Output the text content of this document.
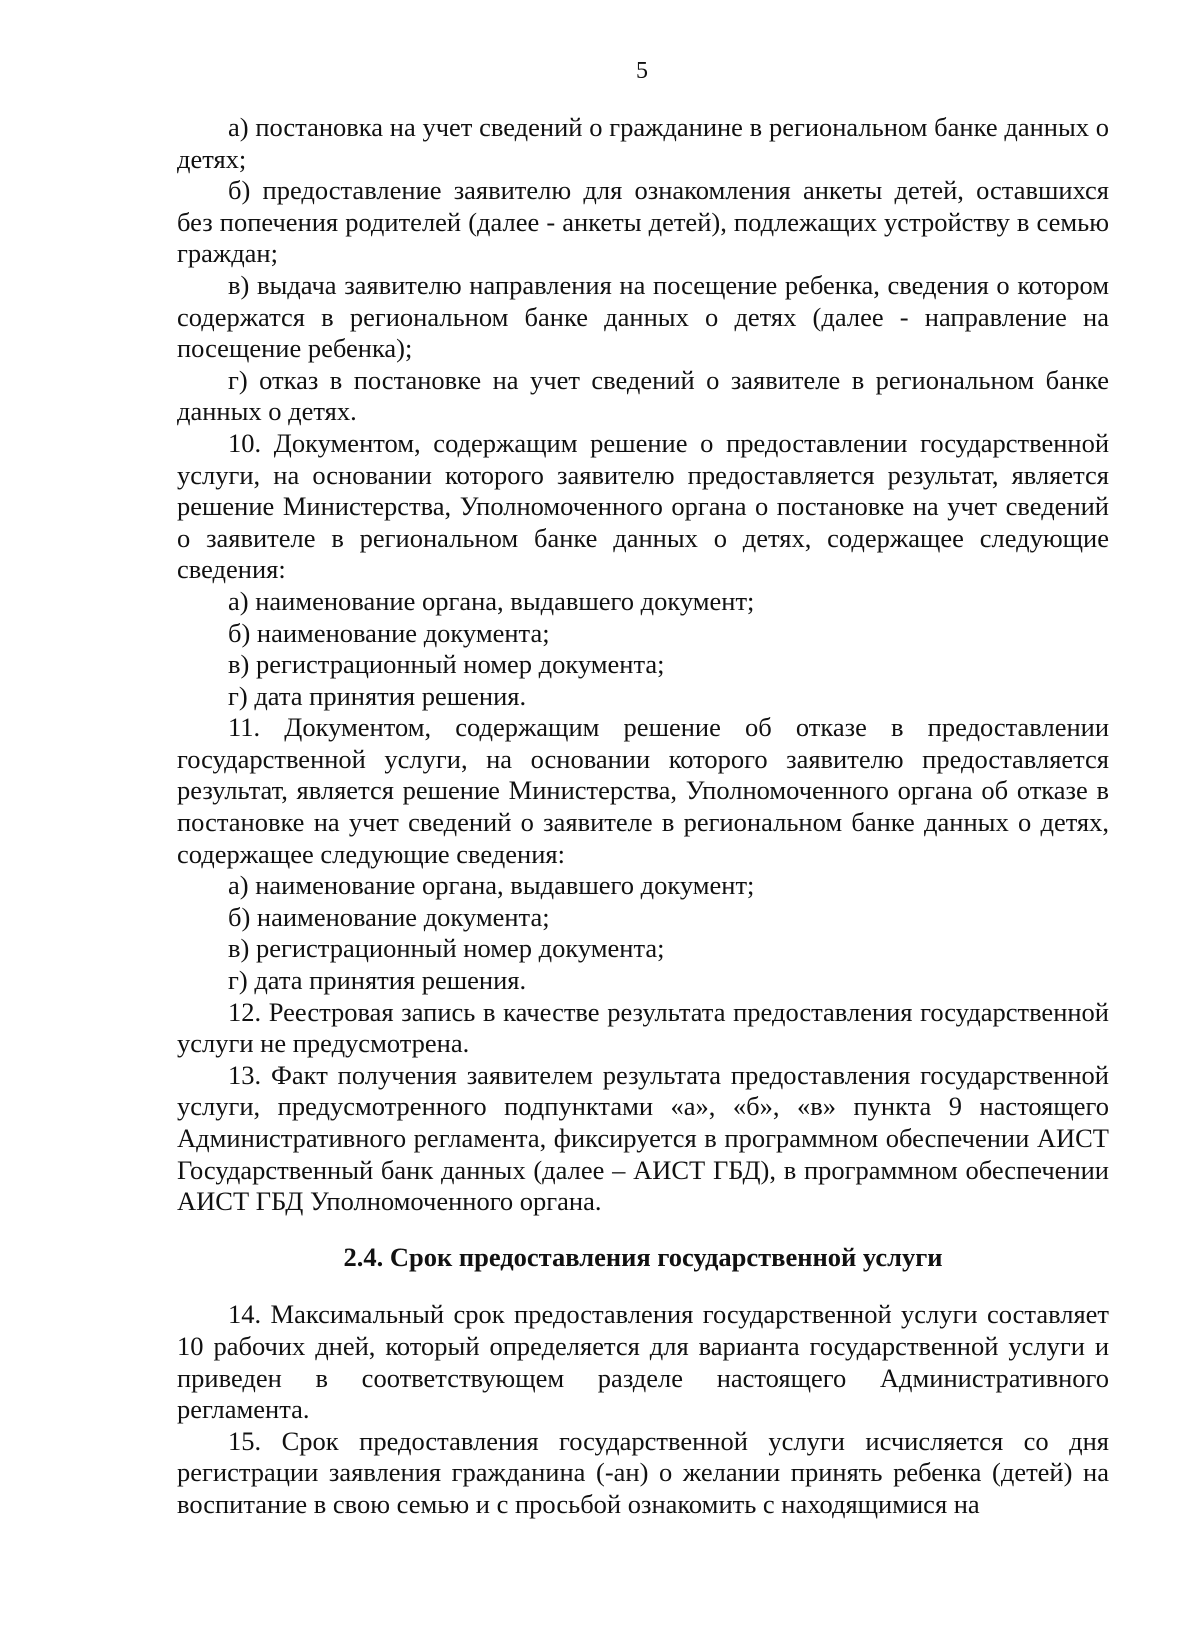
5

а) постановка на учет сведений о гражданине в региональном банке данных о детях;

б) предоставление заявителю для ознакомления анкеты детей, оставшихся без попечения родителей (далее - анкеты детей), подлежащих устройству в семью граждан;

в) выдача заявителю направления на посещение ребенка, сведения о котором содержатся в региональном банке данных о детях (далее - направление на посещение ребенка);

г) отказ в постановке на учет сведений о заявителе в региональном банке данных о детях.

10. Документом, содержащим решение о предоставлении государственной услуги, на основании которого заявителю предоставляется результат, является решение Министерства, Уполномоченного органа о постановке на учет сведений о заявителе в региональном банке данных о детях, содержащее следующие сведения:

а) наименование органа, выдавшего документ;

б) наименование документа;

в) регистрационный номер документа;

г) дата принятия решения.

11. Документом, содержащим решение об отказе в предоставлении государственной услуги, на основании которого заявителю предоставляется результат, является решение Министерства, Уполномоченного органа об отказе в постановке на учет сведений о заявителе в региональном банке данных о детях, содержащее следующие сведения:

а) наименование органа, выдавшего документ;

б) наименование документа;

в) регистрационный номер документа;

г) дата принятия решения.

12. Реестровая запись в качестве результата предоставления государственной услуги не предусмотрена.

13. Факт получения заявителем результата предоставления государственной услуги, предусмотренного подпунктами «а», «б», «в» пункта 9 настоящего Административного регламента, фиксируется в программном обеспечении АИСТ Государственный банк данных (далее – АИСТ ГБД), в программном обеспечении АИСТ ГБД Уполномоченного органа.

2.4. Срок предоставления государственной услуги

14. Максимальный срок предоставления государственной услуги составляет 10 рабочих дней, который определяется для варианта государственной услуги и приведен в соответствующем разделе настоящего Административного регламента.

15. Срок предоставления государственной услуги исчисляется со дня регистрации заявления гражданина (-ан) о желании принять ребенка (детей) на воспитание в свою семью и с просьбой ознакомить с находящимися на
